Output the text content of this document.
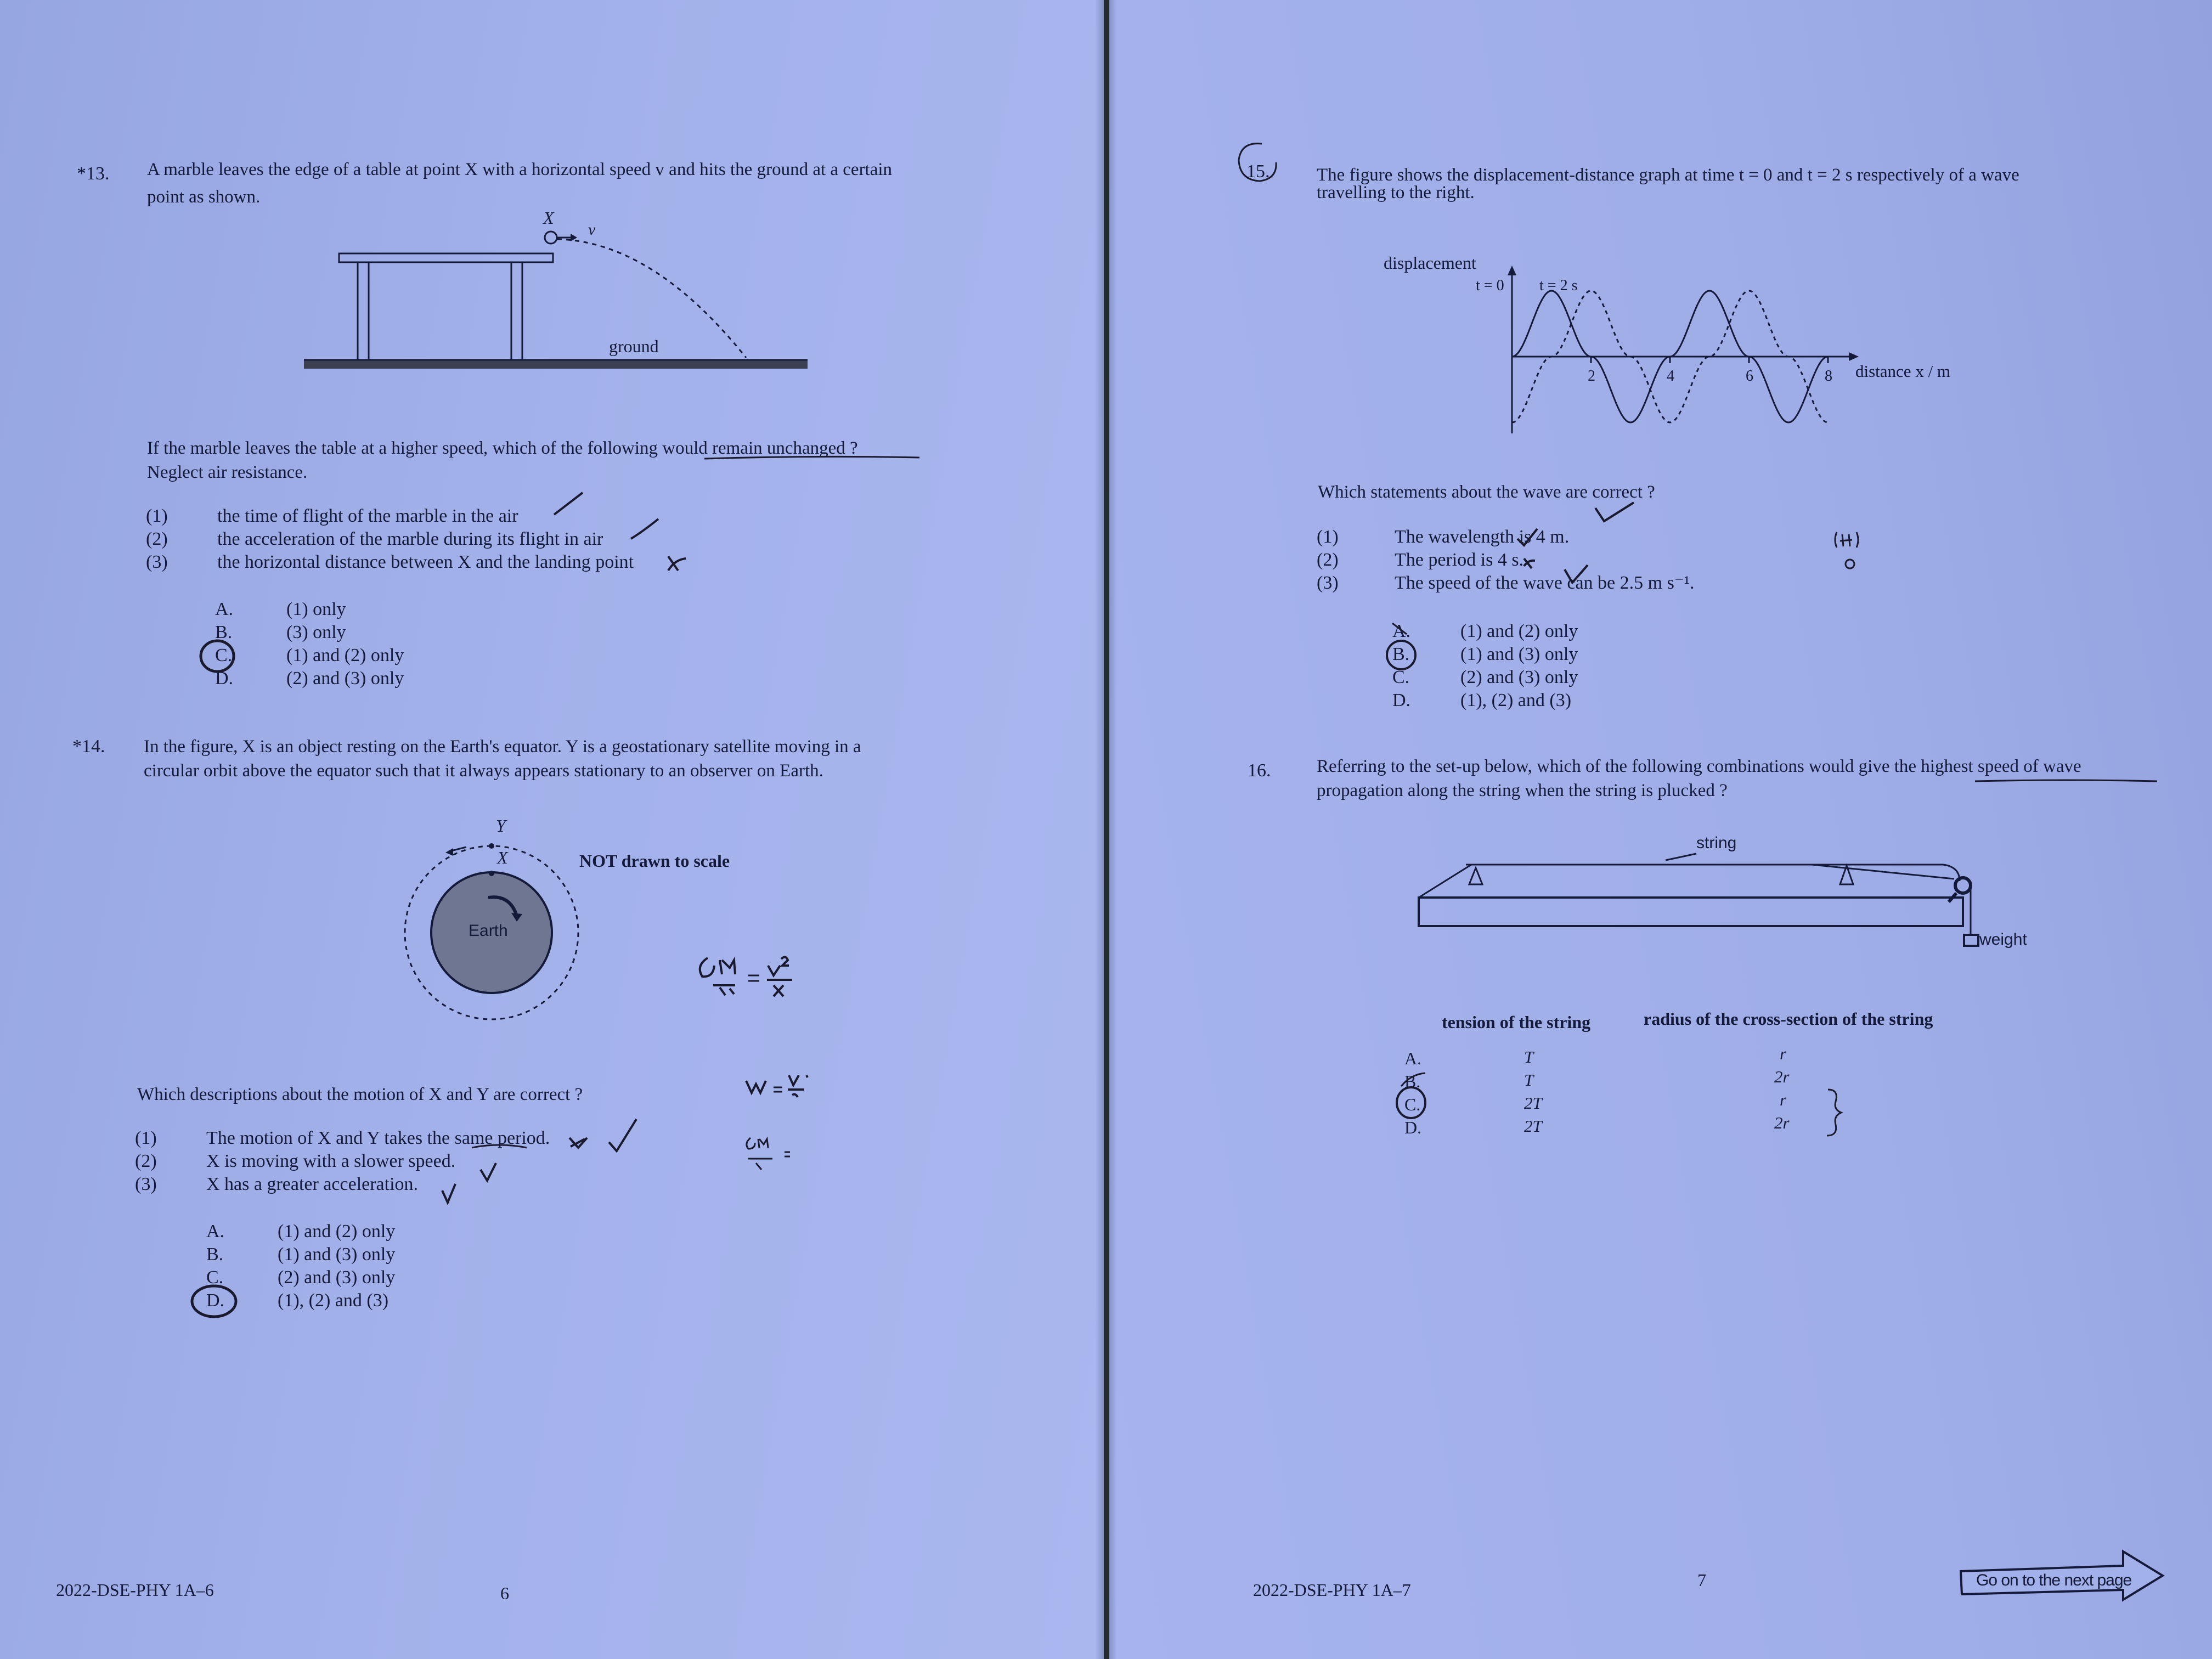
*13. A marble leaves the edge of a table at point X with a horizontal speed v and hits the ground at a certain
point as shown.
X
v
ground
If the marble leaves the table at a higher speed, which of the following would remain unchanged ?
Neglect air resistance.
(1)	the time of flight of the marble in the air
(2)	the acceleration of the marble during its flight in air
(3)	the horizontal distance between X and the landing point
A.	(1) only
B.	(3) only
C.	(1) and (2) only
D.	(2) and (3) only
*14. In the figure, X is an object resting on the Earth's equator. Y is a geostationary satellite moving in a
circular orbit above the equator such that it always appears stationary to an observer on Earth.
Y
X
Earth
NOT drawn to scale
Which descriptions about the motion of X and Y are correct ?
(1)	The motion of X and Y takes the same period.
(2)	X is moving with a slower speed.
(3)	X has a greater acceleration.
A.	(1) and (2) only
B.	(1) and (3) only
C.	(2) and (3) only
D.	(1), (2) and (3)
2022-DSE-PHY 1A–6	6
15.	The figure shows the displacement-distance graph at time t = 0 and t = 2 s respectively of a wave
travelling to the right.
displacement
t = 0 t = 2 s
distance x / m
2	4	6	8
Which statements about the wave are correct ?
(1)	The wavelength is 4 m.
(2)	The period is 4 s.
(3)	The speed of the wave can be 2.5 m s⁻¹.
A.	(1) and (2) only
B.	(1) and (3) only
C.	(2) and (3) only
D.	(1), (2) and (3)
16.	Referring to the set-up below, which of the following combinations would give the highest speed of wave
propagation along the string when the string is plucked ?
string
weight
tension of the string	radius of the cross-section of the string
A.	T	r
B.	T	2r
C.	2T	r
D.	2T	2r
2022-DSE-PHY 1A–7	7	Go on to the next page
